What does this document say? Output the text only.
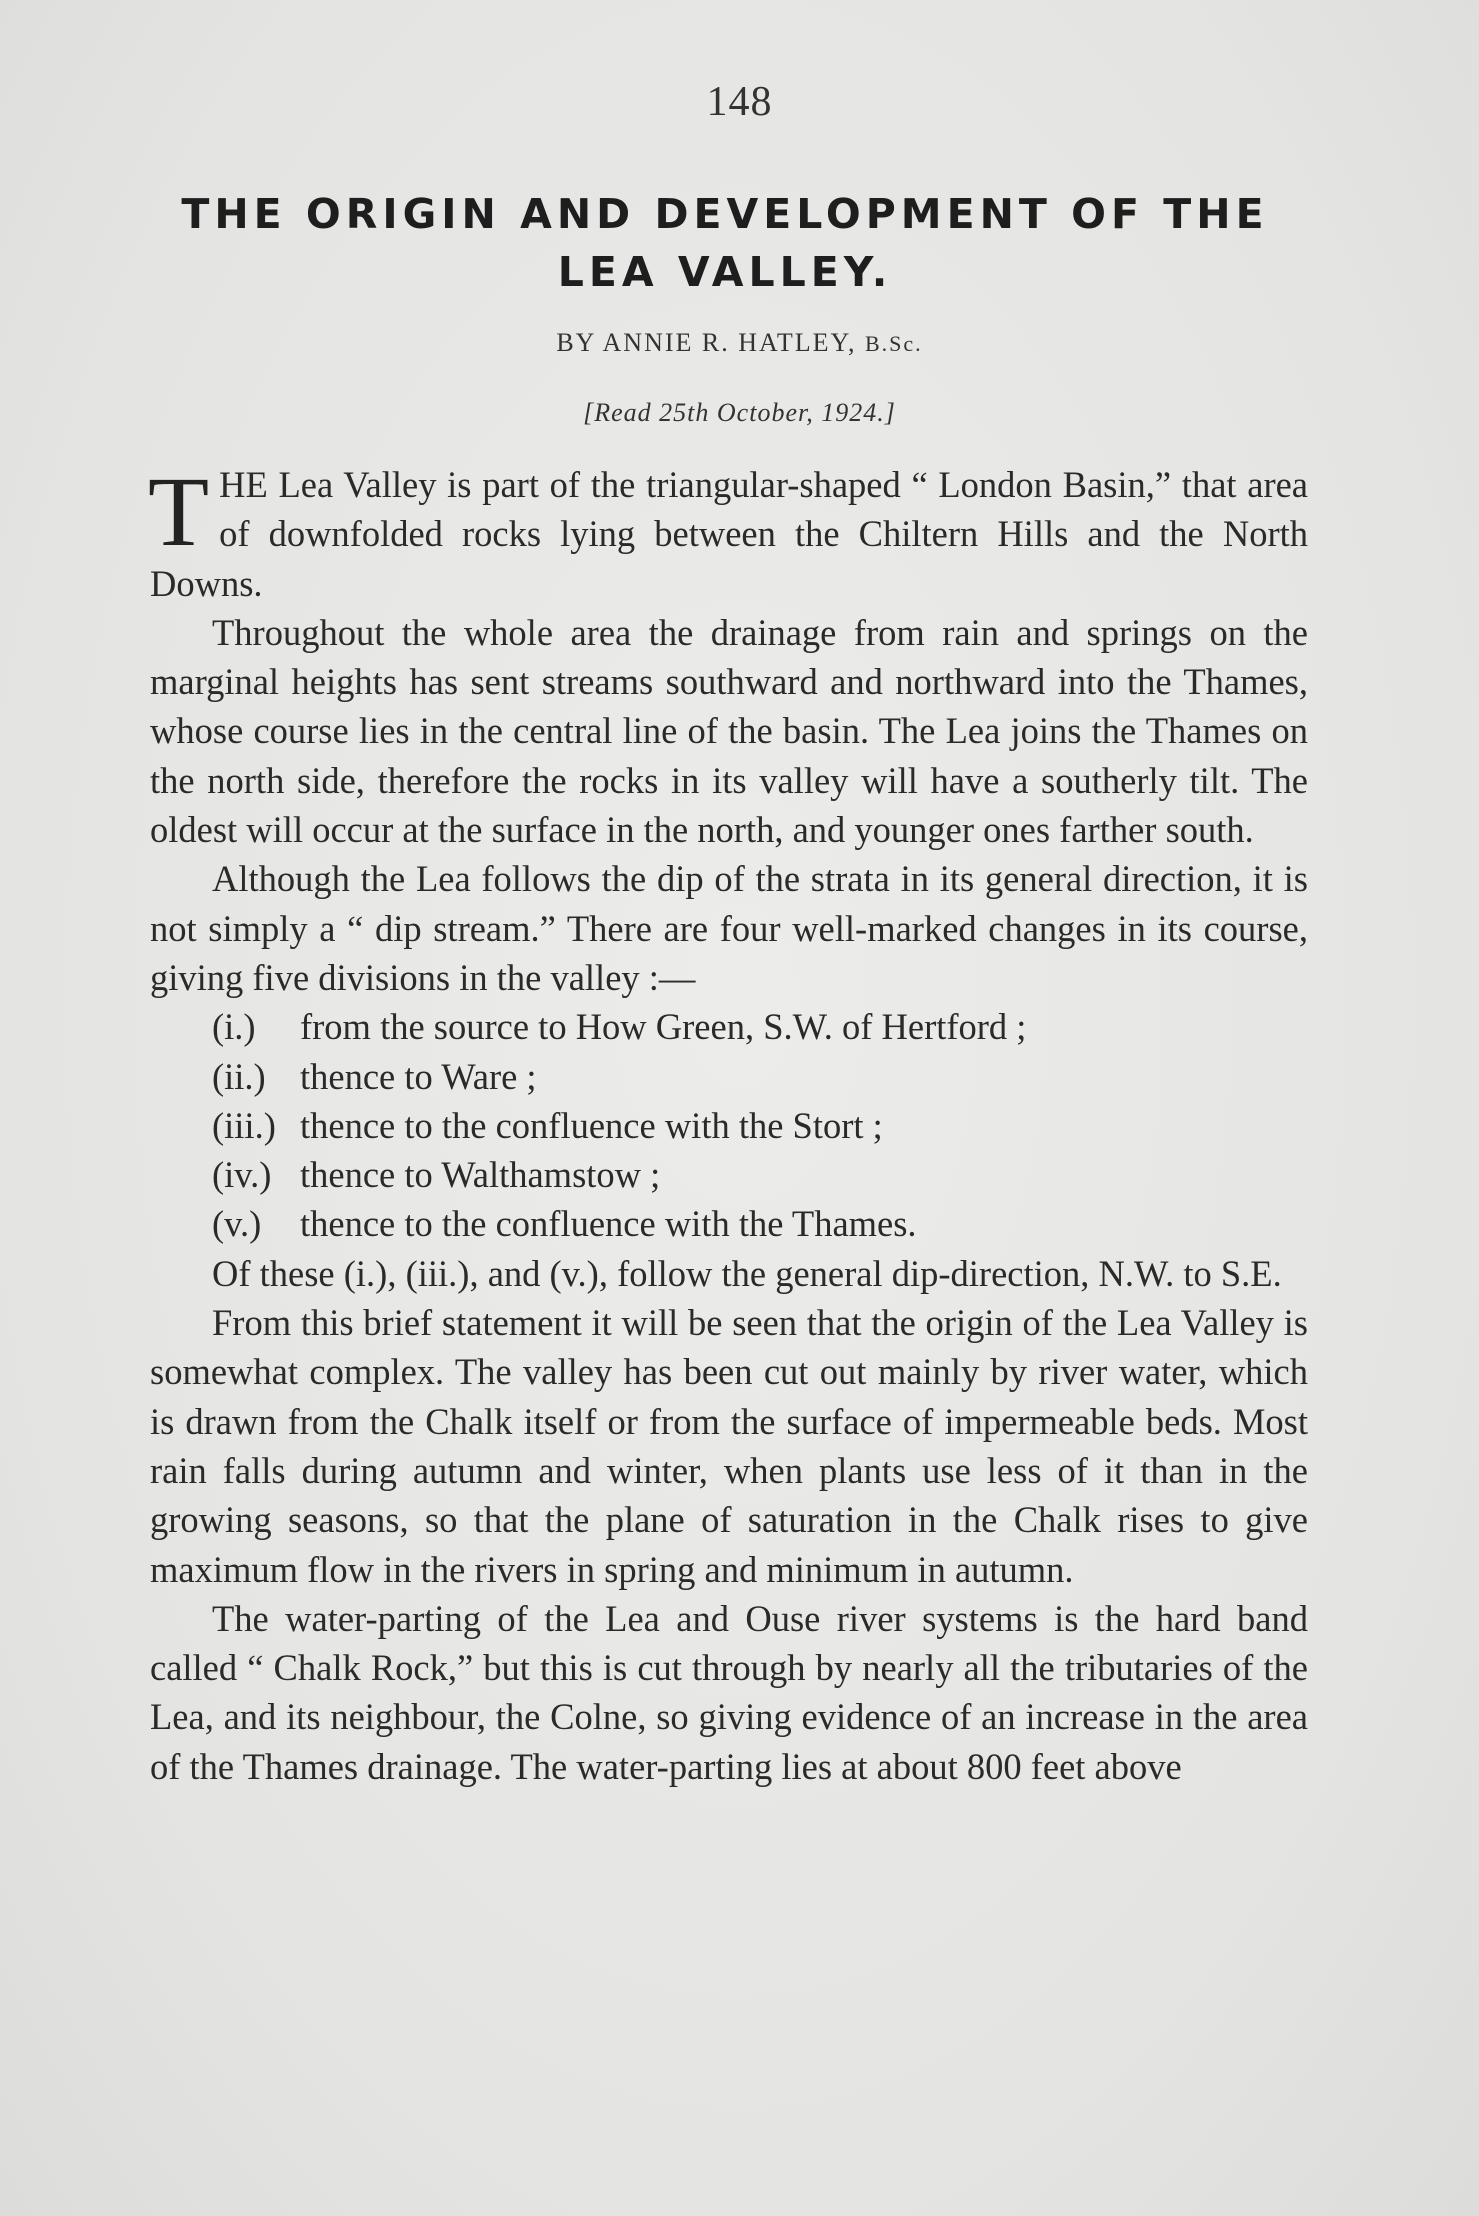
148
THE ORIGIN AND DEVELOPMENT OF THE
LEA VALLEY.
BY ANNIE R. HATLEY, B.Sc.
[Read 25th October, 1924.]

THE Lea Valley is part of the triangular-shaped “ London Basin,” that area of downfolded rocks lying between the Chiltern Hills and the North Downs.

Throughout the whole area the drainage from rain and springs on the marginal heights has sent streams southward and northward into the Thames, whose course lies in the central line of the basin. The Lea joins the Thames on the north side, therefore the rocks in its valley will have a southerly tilt. The oldest will occur at the surface in the north, and younger ones farther south.

Although the Lea follows the dip of the strata in its general direction, it is not simply a “ dip stream.” There are four well-marked changes in its course, giving five divisions in the valley :—

(i.) from the source to How Green, S.W. of Hertford ;
(ii.) thence to Ware ;
(iii.) thence to the confluence with the Stort ;
(iv.) thence to Walthamstow ;
(v.) thence to the confluence with the Thames.

Of these (i.), (iii.), and (v.), follow the general dip-direction, N.W. to S.E.

From this brief statement it will be seen that the origin of the Lea Valley is somewhat complex. The valley has been cut out mainly by river water, which is drawn from the Chalk itself or from the surface of impermeable beds. Most rain falls during autumn and winter, when plants use less of it than in the growing seasons, so that the plane of saturation in the Chalk rises to give maximum flow in the rivers in spring and minimum in autumn.

The water-parting of the Lea and Ouse river systems is the hard band called “ Chalk Rock,” but this is cut through by nearly all the tributaries of the Lea, and its neighbour, the Colne, so giving evidence of an increase in the area of the Thames drainage. The water-parting lies at about 800 feet above
